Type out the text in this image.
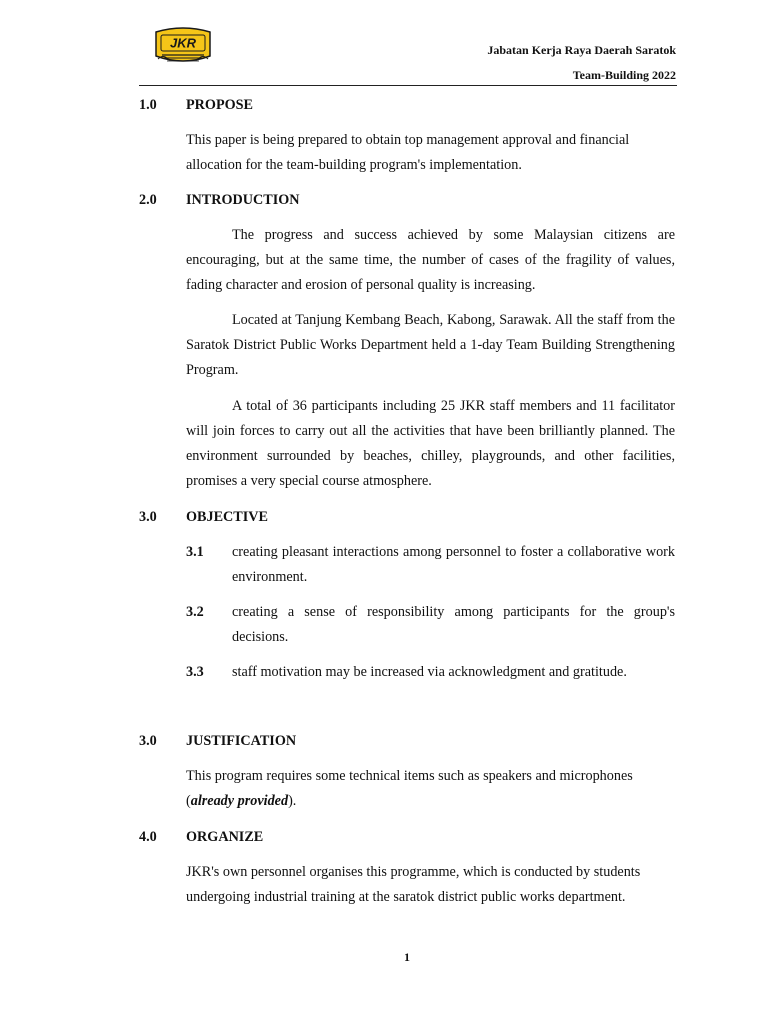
JKR	Jabatan Kerja Raya Daerah Saratok
Team-Building 2022
1.0 PROPOSE
This paper is being prepared to obtain top management approval and financial allocation for the team-building program's implementation.
2.0 INTRODUCTION
The progress and success achieved by some Malaysian citizens are encouraging, but at the same time, the number of cases of the fragility of values, fading character and erosion of personal quality is increasing.
Located at Tanjung Kembang Beach, Kabong, Sarawak. All the staff from the Saratok District Public Works Department held a 1-day Team Building Strengthening Program.
A total of 36 participants including 25 JKR staff members and 11 facilitator will join forces to carry out all the activities that have been brilliantly planned. The environment surrounded by beaches, chilley, playgrounds, and other facilities, promises a very special course atmosphere.
3.0 OBJECTIVE
3.1 creating pleasant interactions among personnel to foster a collaborative work environment.
3.2 creating a sense of responsibility among participants for the group's decisions.
3.3 staff motivation may be increased via acknowledgment and gratitude.
3.0 JUSTIFICATION
This program requires some technical items such as speakers and microphones (already provided).
4.0 ORGANIZE
JKR's own personnel organises this programme, which is conducted by students undergoing industrial training at the saratok district public works department.
1
